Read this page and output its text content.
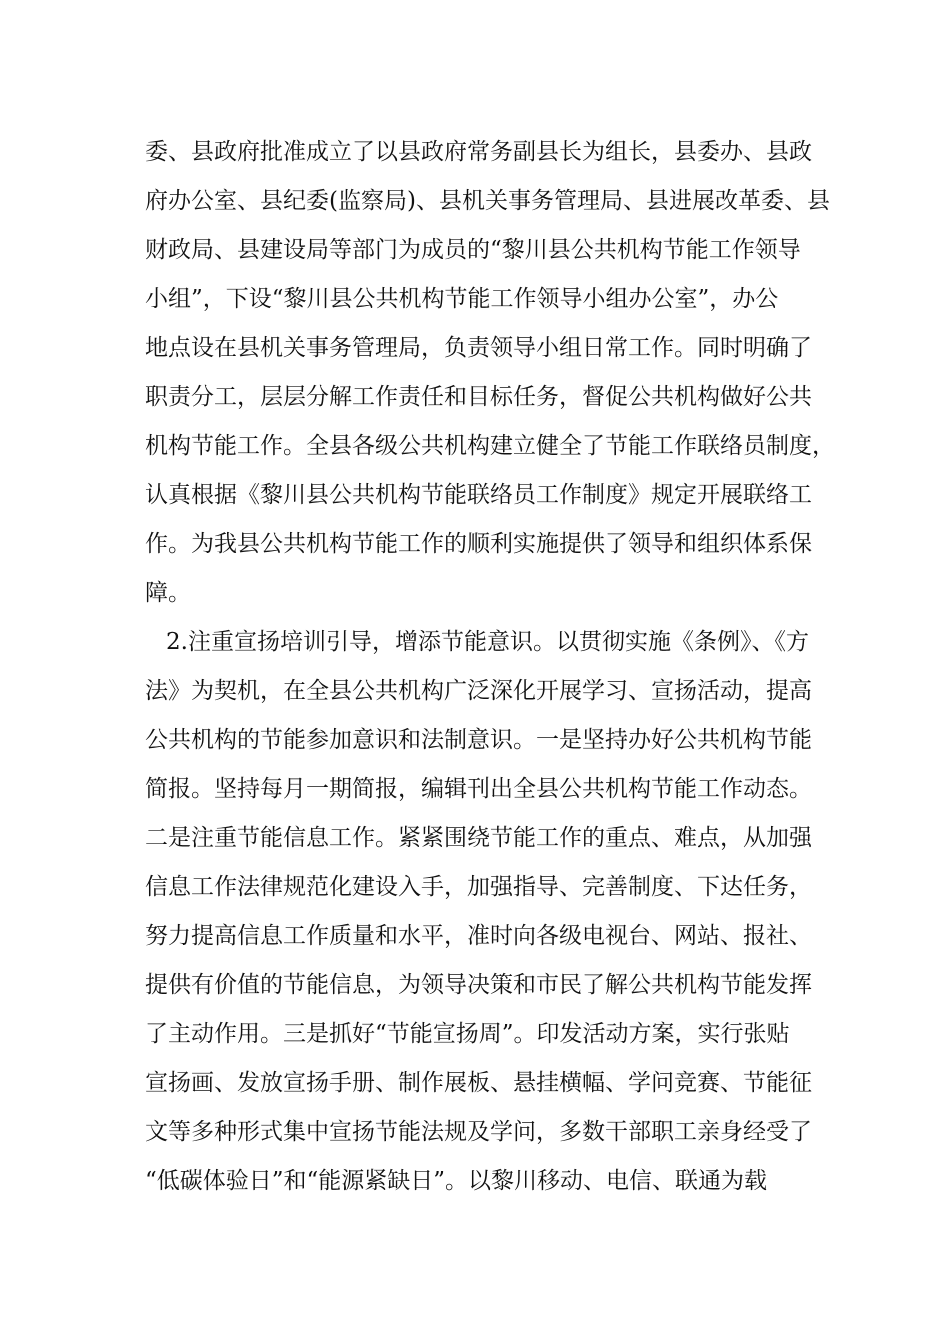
委、县政府批准成立了以县政府常务副县长为组长，县委办、县政
府办公室、县纪委(监察局)、县机关事务管理局、县进展改革委、县
财政局、县建设局等部门为成员的“黎川县公共机构节能工作领导
小组”，下设“黎川县公共机构节能工作领导小组办公室”，办公
地点设在县机关事务管理局，负责领导小组日常工作。同时明确了
职责分工，层层分解工作责任和目标任务，督促公共机构做好公共
机构节能工作。全县各级公共机构建立健全了节能工作联络员制度，
认真根据《黎川县公共机构节能联络员工作制度》规定开展联络工
作。为我县公共机构节能工作的顺利实施提供了领导和组织体系保
障。
2.注重宣扬培训引导，增添节能意识。以贯彻实施《条例》、《方
法》为契机，在全县公共机构广泛深化开展学习、宣扬活动，提高
公共机构的节能参加意识和法制意识。一是坚持办好公共机构节能
简报。坚持每月一期简报，编辑刊出全县公共机构节能工作动态。
二是注重节能信息工作。紧紧围绕节能工作的重点、难点，从加强
信息工作法律规范化建设入手，加强指导、完善制度、下达任务，
努力提高信息工作质量和水平，准时向各级电视台、网站、报社、
提供有价值的节能信息，为领导决策和市民了解公共机构节能发挥
了主动作用。三是抓好“节能宣扬周”。印发活动方案，实行张贴
宣扬画、发放宣扬手册、制作展板、悬挂横幅、学问竞赛、节能征
文等多种形式集中宣扬节能法规及学问，多数干部职工亲身经受了
“低碳体验日”和“能源紧缺日”。以黎川移动、电信、联通为载
